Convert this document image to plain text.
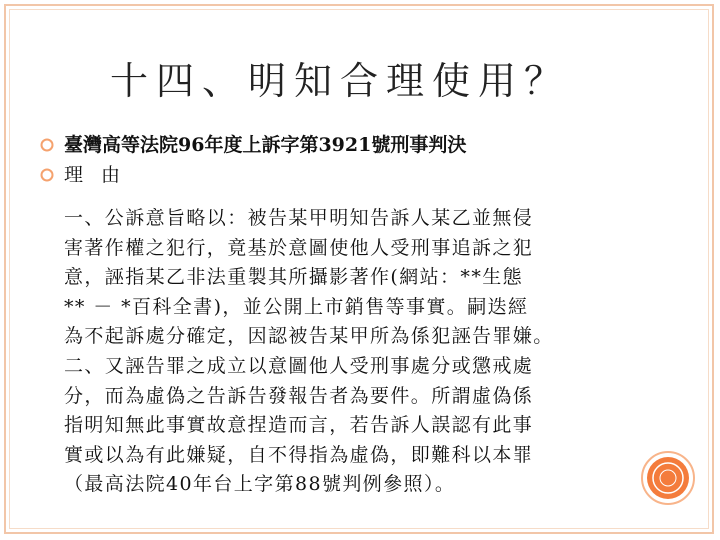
十四、明知合理使用？
臺灣高等法院96年度上訴字第3921號刑事判決
理 由
一、公訴意旨略以：被告某甲明知告訴人某乙並無侵
害著作權之犯行，竟基於意圖使他人受刑事追訴之犯
意，誣指某乙非法重製其所攝影著作(網站：**生態
** － *百科全書)，並公開上市銷售等事實。嗣迭經
為不起訴處分確定，因認被告某甲所為係犯誣告罪嫌。
二、又誣告罪之成立以意圖他人受刑事處分或懲戒處
分，而為虛偽之告訴告發報告者為要件。所謂虛偽係
指明知無此事實故意捏造而言，若告訴人誤認有此事
實或以為有此嫌疑，自不得指為虛偽，即難科以本罪
（最高法院40年台上字第88號判例參照）。
